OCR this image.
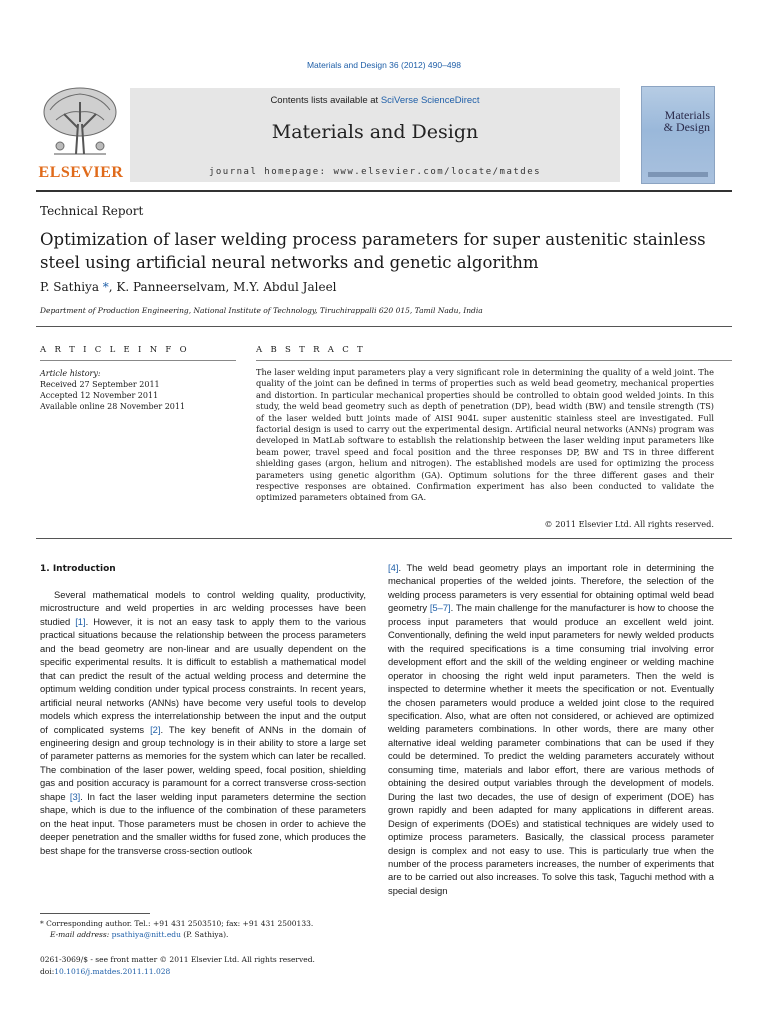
Materials and Design 36 (2012) 490–498
ELSEVIER
Contents lists available at SciVerse ScienceDirect
Materials and Design
journal homepage: www.elsevier.com/locate/matdes
Materials
& Design
Technical Report
Optimization of laser welding process parameters for super austenitic stainless steel using artificial neural networks and genetic algorithm
P. Sathiya *, K. Panneerselvam, M.Y. Abdul Jaleel
Department of Production Engineering, National Institute of Technology, Tiruchirappalli 620 015, Tamil Nadu, India
A R T I C L E I N F O	A B S T R A C T
Article history:
Received 27 September 2011
Accepted 12 November 2011
Available online 28 November 2011
The laser welding input parameters play a very significant role in determining the quality of a weld joint. The quality of the joint can be defined in terms of properties such as weld bead geometry, mechanical properties and distortion. In particular mechanical properties should be controlled to obtain good welded joints. In this study, the weld bead geometry such as depth of penetration (DP), bead width (BW) and tensile strength (TS) of the laser welded butt joints made of AISI 904L super austenitic stainless steel are investigated. Full factorial design is used to carry out the experimental design. Artificial neural networks (ANNs) program was developed in MatLab software to establish the relationship between the laser welding input parameters like beam power, travel speed and focal position and the three responses DP, BW and TS in three different shielding gases (argon, helium and nitrogen). The established models are used for optimizing the process parameters using genetic algorithm (GA). Optimum solutions for the three different gases and their respective responses are obtained. Confirmation experiment has also been conducted to validate the optimized parameters obtained from GA.
© 2011 Elsevier Ltd. All rights reserved.
1. Introduction
Several mathematical models to control welding quality, productivity, microstructure and weld properties in arc welding processes have been studied [1]. However, it is not an easy task to apply them to the various practical situations because the relationship between the process parameters and the bead geometry are non-linear and are usually dependent on the specific experimental results. It is difficult to establish a mathematical model that can predict the result of the actual welding process and determine the optimum welding condition under typical process constraints. In recent years, artificial neural networks (ANNs) have become very useful tools to develop models which express the interrelationship between the input and the output of complicated systems [2]. The key benefit of ANNs in the domain of engineering design and group technology is in their ability to store a large set of parameter patterns as memories for the system which can later be recalled. The combination of the laser power, welding speed, focal position, shielding gas and position accuracy is paramount for a correct transverse cross-section shape [3]. In fact the laser welding input parameters determine the section shape, which is due to the influence of the combination of these parameters on the heat input. Those parameters must be chosen in order to achieve the deeper penetration and the smaller widths for fused zone, which produces the best shape for the transverse cross-section outlook
[4]. The weld bead geometry plays an important role in determining the mechanical properties of the welded joints. Therefore, the selection of the welding process parameters is very essential for obtaining optimal weld bead geometry [5–7]. The main challenge for the manufacturer is how to choose the process input parameters that would produce an excellent weld joint. Conventionally, defining the weld input parameters for newly welded products with the required specifications is a time consuming trial involving error development effort and the skill of the welding engineer or welding machine operator in choosing the right weld input parameters. Then the weld is inspected to determine whether it meets the specification or not. Eventually the chosen parameters would produce a welded joint close to the required specification. Also, what are often not considered, or achieved are optimized welding parameters combinations. In other words, there are many other alternative ideal welding parameter combinations that can be used if they could be determined. To predict the welding parameters accurately without consuming time, materials and labor effort, there are various methods of obtaining the desired output variables through the development of models. During the last two decades, the use of design of experiment (DOE) has grown rapidly and been adapted for many applications in different areas. Design of experiments (DOEs) and statistical techniques are widely used to optimize process parameters. Basically, the classical process parameter design is complex and not easy to use. This is particularly true when the number of the process parameters increases, the number of experiments that are to be carried out also increases. To solve this task, Taguchi method with a special design
* Corresponding author. Tel.: +91 431 2503510; fax: +91 431 2500133.
E-mail address: psathiya@nitt.edu (P. Sathiya).
0261-3069/$ - see front matter © 2011 Elsevier Ltd. All rights reserved.
doi:10.1016/j.matdes.2011.11.028
